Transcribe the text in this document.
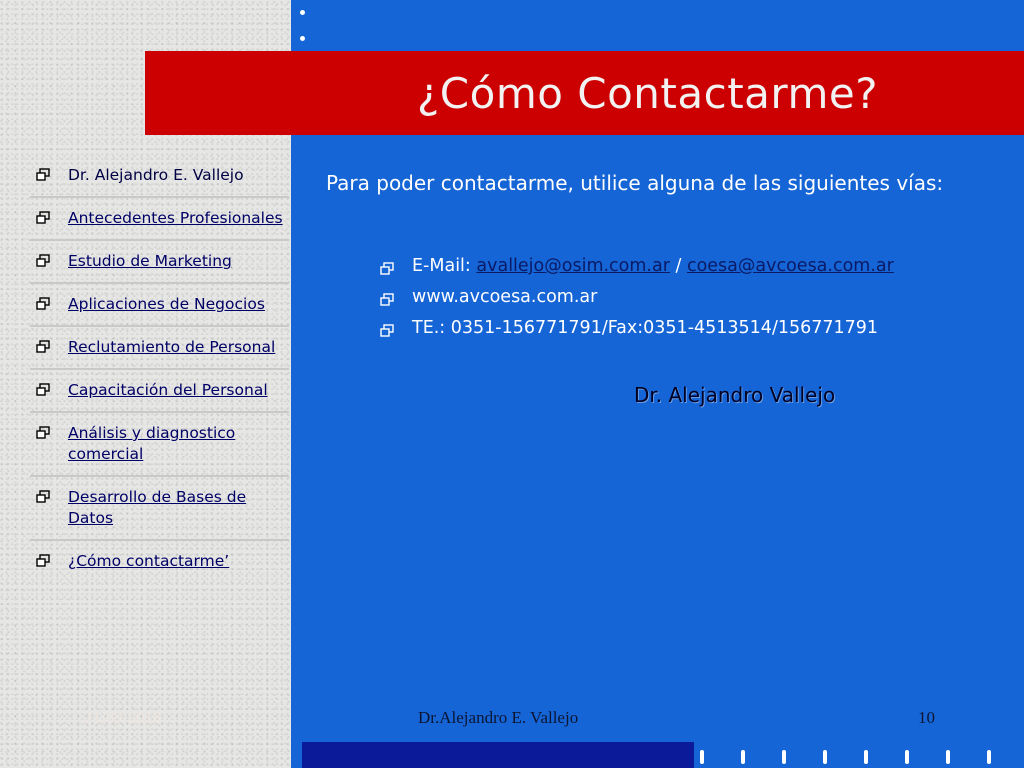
¿Cómo Contactarme?
Dr. Alejandro E. Vallejo
Antecedentes Profesionales
Estudio de Marketing
Aplicaciones de Negocios
Reclutamiento de Personal
Capacitación del Personal
Análisis y diagnostico comercial
Desarrollo de Bases de Datos
¿Cómo contactarme’
Para poder contactarme, utilice alguna de las siguientes vías:
E-Mail: avallejo@osim.com.ar / coesa@avcoesa.com.ar
www.avcoesa.com.ar
TE.: 0351-156771791/Fax:0351-4513514/156771791
Dr. Alejandro Vallejo
21/09/2018	Dr.Alejandro E. Vallejo	10
